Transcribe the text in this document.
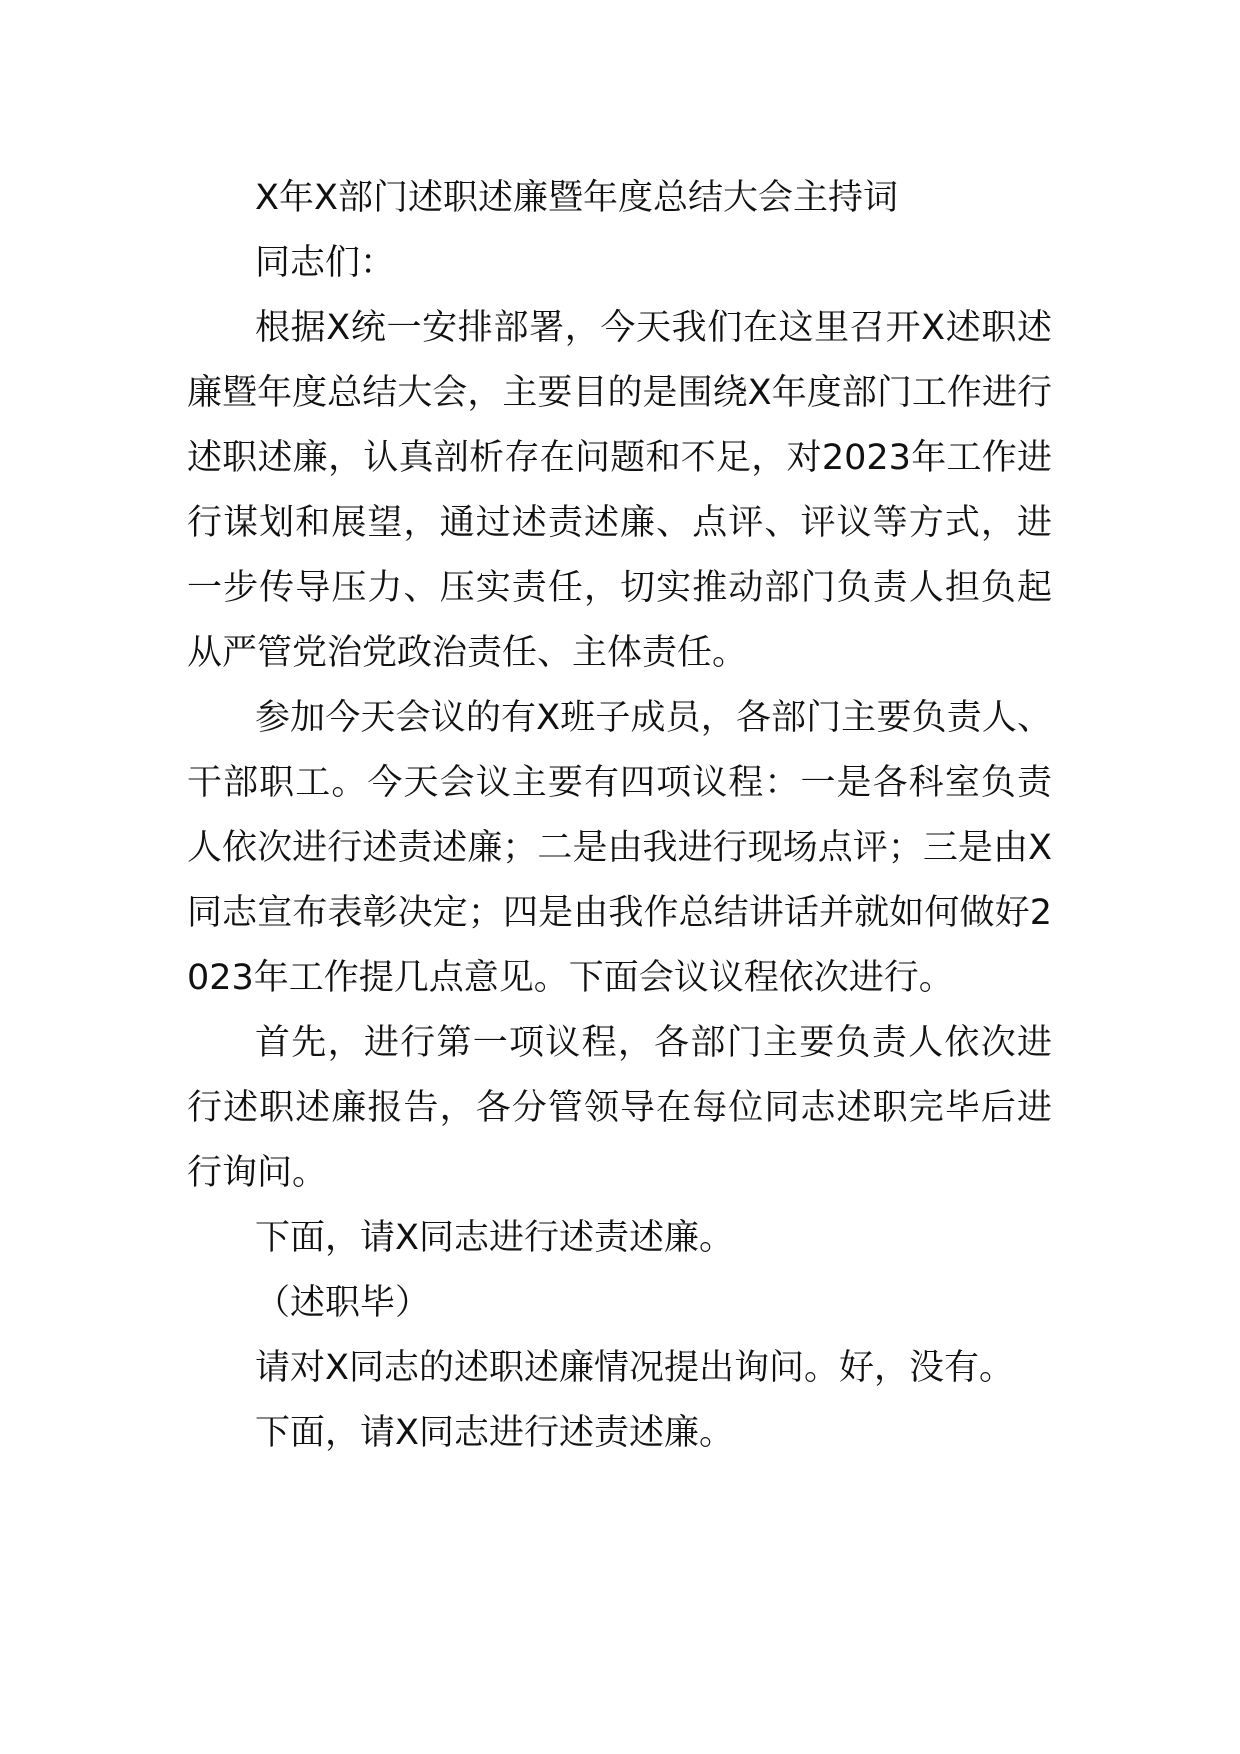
X年X部门述职述廉暨年度总结大会主持词

同志们：

根据X统一安排部署，今天我们在这里召开X述职述廉暨年度总结大会，主要目的是围绕X年度部门工作进行述职述廉，认真剖析存在问题和不足，对2023年工作进行谋划和展望，通过述责述廉、点评、评议等方式，进一步传导压力、压实责任，切实推动部门负责人担负起从严管党治党政治责任、主体责任。

参加今天会议的有X班子成员，各部门主要负责人、干部职工。今天会议主要有四项议程：一是各科室负责人依次进行述责述廉；二是由我进行现场点评；三是由X同志宣布表彰决定；四是由我作总结讲话并就如何做好2023年工作提几点意见。下面会议议程依次进行。

首先，进行第一项议程，各部门主要负责人依次进行述职述廉报告，各分管领导在每位同志述职完毕后进行询问。

下面，请X同志进行述责述廉。

（述职毕）

请对X同志的述职述廉情况提出询问。好，没有。

下面，请X同志进行述责述廉。
